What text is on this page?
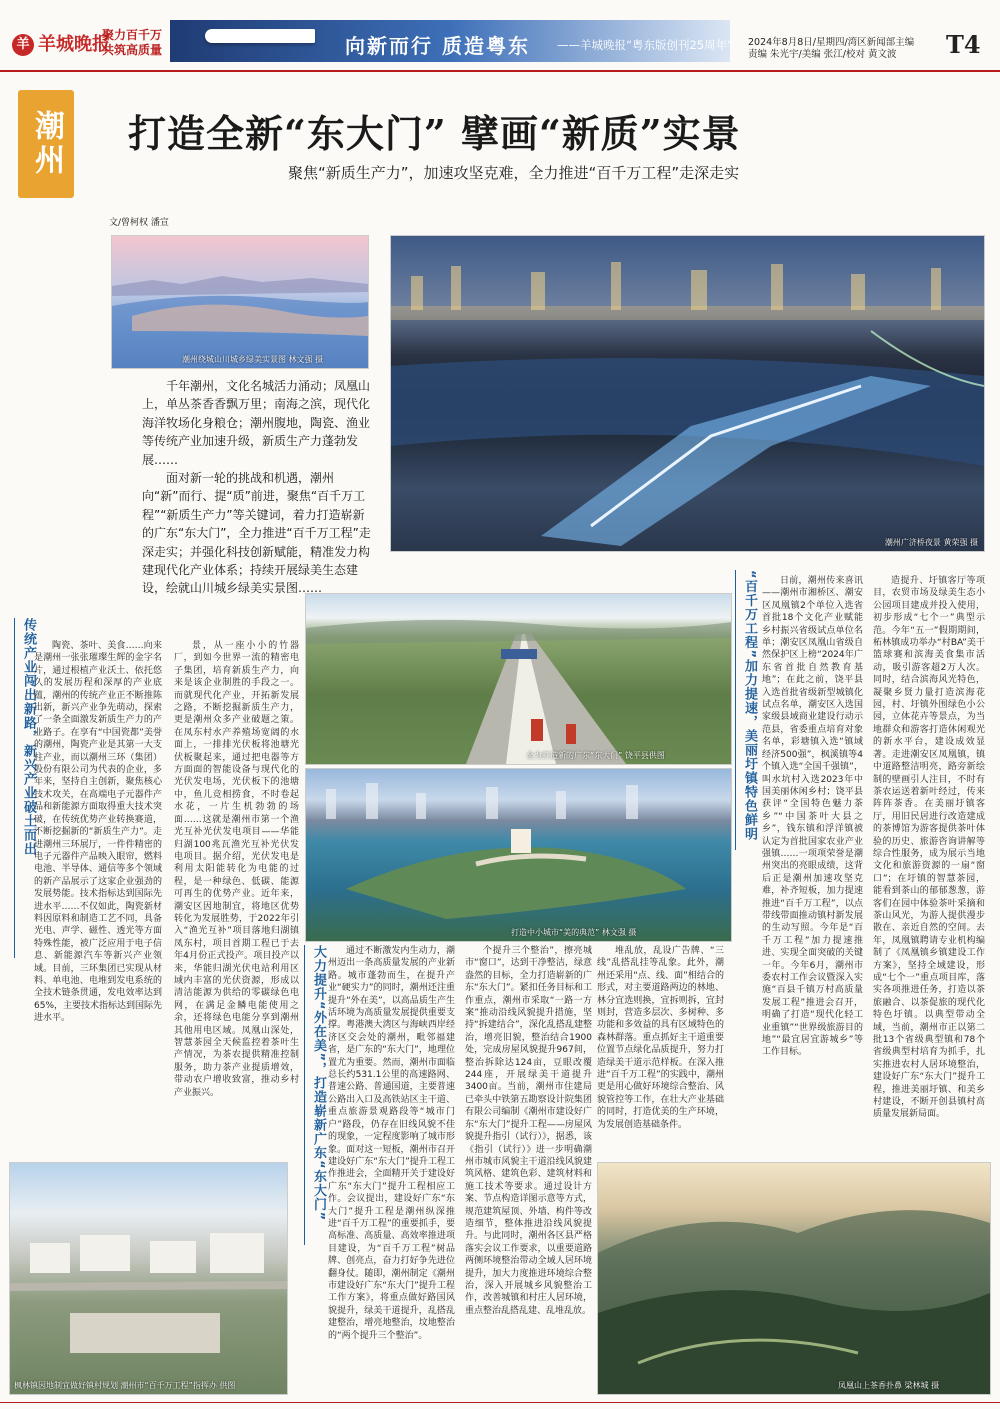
羊 羊城晚报
聚力百千万
共筑高质量	向新而行 质造粤东 ——羊城晚报“粤东版创刊25周年” 2024年8月8日/星期四/湾区新闻部主编
责编 朱光宇/美编 张江/校对 黄文波	T4
潮州 打造全新“东大门” 擘画“新质”实景
聚焦“新质生产力”，加速攻坚克难，全力推进“百千万工程”走深走实
文/曾柯权 潘宣
潮州绕城山川城乡绿美实景图 林文强 摄
潮州广济桥夜景 黄荣强 摄
全力打造新的广东“东大门” 饶平县供图
打造中小城市“美的典范” 林文强 摄
枫林镇因地制宜做好镇村规划 潮州市“百千万工程”指挥办 供图	凤凰山上茶香扑鼻 梁林城 摄

千年潮州，文化名城活力涌动；凤凰山上，单丛茶香香飘万里；南海之滨，现代化海洋牧场化身粮仓；潮州腹地，陶瓷、渔业等传统产业加速升级，新质生产力蓬勃发展……

面对新一轮的挑战和机遇，潮州向“新”而行、提“质”前进，聚焦“百千万工程”“新质生产力”等关键词，着力打造崭新的广东“东大门”，全力推进“百千万工程”走深走实；并强化科技创新赋能，精准发力构建现代化产业体系；持续开展绿美生态建设，绘就山川城乡绿美实景图……

传统产业闯出新路，新兴产业破土而出	“百千万工程”加力提速，美丽圩镇特色鲜明
大力提升“外在美”，打造崭新广东“东大门”

陶瓷、茶叶、美食……向来是潮州一张张璀璨生辉的金字名片，通过根植产业沃土、依托悠久的发展历程和深厚的产业底蕴，潮州的传统产业正不断推陈出新，新兴产业争先萌动，探索了一条全面激发新质生产力的产业路子。在享有“中国瓷都”美誉的潮州，陶瓷产业是其第一大支柱产业，而以潮州三环（集团）股份有限公司为代表的企业，多年来，坚持自主创新，聚焦核心技术攻关，在高端电子元器件产品和新能源方面取得重大技术突破，在传统优势产业转换赛道，不断挖掘新的“新质生产力”。走进潮州三环展厅，一件件精密的电子元器件产品映入眼帘，燃料电池、半导体、通信等多个领域的新产品展示了这家企业强劲的发展势能。技术指标达到国际先进水平……不仅如此，陶瓷新材料因原料和制造工艺不同，具备光电、声学、磁性、透光等方面特殊性能，被广泛应用于电子信息、新能源汽车等新兴产业领域。目前，三环集团已实现从材料、单电池、电堆到发电系统的全技术链条贯通，发电效率达到65%，主要技术指标达到国际先进水平。

景，从一座小小的竹器厂，到如今世界一流的精密电子集团，培育新质生产力，向来是该企业制胜的手段之一。而就现代化产业，开拓新发展之路，不断挖掘新质生产力，更是潮州众多产业破题之策。在凤东村水产养殖场宽阔的水面上，一排排光伏板将池塘光伏板聚起来，通过把电器等方方面面的智能设备与现代化的光伏发电场，光伏板下的池塘中，鱼儿竞相捞食，不时卷起水花，一片生机勃勃的场面……这就是潮州市第一个渔光互补光伏发电项目——华能归湖100兆瓦渔光互补光伏发电项目。据介绍，光伏发电是利用太阳能转化为电能的过程，是一种绿色、低碳、能源可再生的优势产业。近年来，潮安区因地制宜，将地区优势转化为发展胜势，于2022年引入“渔光互补”项目落地归湖镇凤东村，项目首期工程已于去年4月份正式投产。项目投产以来，华能归湖光伏电站利用区域内丰富的光伏资源，形成以清洁能源为供给的零碳绿色电网，在满足金鳞电能使用之余，还将绿色电能分享到潮州其他用电区域。凤凰山深处，智慧茶园全天候监控着茶叶生产情况，为茶农提供精准控制服务，助力茶产业提质增效，带动农户增收致富，推动乡村产业振兴。

通过不断激发内生动力，潮州迈出一条高质量发展的产业新路。城市蓬勃而生，在提升产业“硬实力”的同时，潮州还注重提升“外在美”，以高品质生产生活环境为高质量发展提供重要支撑。粤港澳大湾区与海峡西岸经济区交会处的潮州，毗邻福建省，是广东的“东大门”，地理位置尤为重要。然而，潮州市面临总长约531.1公里的高速路网、普速公路、普通国道，主要普速公路出入口及高铁站区主干道、重点旅游景观路段等“城市门户”路段，仍存在旧线风貌不佳的现象，一定程度影响了城市形象。面对这一短板，潮州市召开建设好广东“东大门”提升工程工作推进会，全面精开关于建设好广东“东大门”提升工程相应工作。会议提出，建设好广东“东大门”提升工程是潮州纵深推进“百千万工程”的重要抓手，要高标准、高质量、高效率推进项目建设，为“百千万工程”树品牌、创亮点，奋力打好争先进位翻身仗。随即，潮州制定《潮州市建设好广东“东大门”提升工程工作方案》，将重点做好路国风貌提升，绿美干道提升，乱搭乱建整治，增亮地整治，坟地整治的“两个提升三个整治”。

个提升三个整治”，擦亮城市“窗口”，达到干净整洁，绿意盎然的目标，全力打造崭新的广东“东大门”。紧扣任务目标和工作重点，潮州市采取“一路一方案”推动沿线风貌提升措施，坚持“拆建结合”，深化乱搭乱建整治，增亮旧貌，整治结合1900处，完成房屋风貌提升967间，整治拆除达124亩，豆眼改覆244座，开展绿美干道提升3400亩。当前，潮州市住建局已牵头中铁第五勘察设计院集团有限公司编制《潮州市建设好广东“东大门”提升工程——房屋风貌提升指引（试行）》，据悉，该《指引（试行）》进一步明确潮州市城市风貌主干道沿线风貌建筑风格、建筑色彩、建筑材料和施工技术等要求。通过设计方案、节点构造详图示意等方式，规范建筑屋顶、外墙、构件等改造细节，整体推进沿线风貌提升。与此同时，潮州各区县严格落实会议工作要求，以重要道路两侧环境整治带动全域人居环境提升，加大力度推进环境综合整治，深入开展城乡风貌整治工作，改善城镇和村庄人居环境，重点整治乱搭乱建、乱堆乱放。

堆乱放，乱设广告牌、“三线”乱搭乱挂等乱象。此外，潮州还采用“点、线、面”相结合的形式，对主要道路两边的林地、林分宜选则换，宜拆则拆，宜封则封，营造多层次、多树种、多功能和多效益的具有区域特色的森林群落。重点抓好主干道重要位置节点绿化品质提升，努力打造绿美干道示范样板。在深入推进“百千万工程”的实践中，潮州更是用心做好环境综合整治、风貌管控等工作，在壮大产业基础的同时，打造优美的生产环境，为发展创造基础条件。

日前，潮州传来喜讯——潮州市湘桥区、潮安区凤凰镇2个单位入选省首批18个文化产业赋能乡村振兴省级试点单位名单；潮安区凤凰山省级自然保护区上榜“2024年广东省首批自然教育基地”；在此之前，饶平县入选首批省级新型城镇化试点名单，潮安区入选国家级县域商业建设行动示范县，省委重点培育对象名单，彩塘镇入选“镇域经济500强”，枫溪镇等4个镇入选“全国千强镇”，叫水坑村入选2023年中国美丽休闲乡村；饶平县获评“全国特色魅力茶乡”“中国茶叶大县之乡”，钱东镇和浮洋镇被认定为首批国家农业产业强镇……一项项荣誉是潮州突出的亮眼成绩，这背后正是潮州加速攻坚克难，补齐短板，加力提速推进“百千万工程”，以点带线带面推动镇村新发展的生动写照。今年是“百千万工程”加力提速推进、实现全面突破的关键一年。今年6月，潮州市委农村工作会议暨深入实施“百县千镇万村高质量发展工程”推进会召开，明确了打造“现代化轻工业重镇”“世界级旅游目的地”“最宜居宜游城乡”等工作目标。

造提升、圩镇客厅等项目，农贸市场及绿美生态小公园项目建成并投入使用，初步形成“七个一”典型示范。今年“五一”假期期间，柘林镇成功举办“村BA”美干篮球赛和滨海美食集市活动，吸引游客超2万人次。同时，结合滨海风光特色，凝聚乡贤力量打造滨海花园，村、圩镇外围绿色小公园，立体花卉等景点，为当地群众和游客打造休闲观光的新水平台，建设成效显著。走进潮安区凤凰镇，镇中道路整洁明亮，路旁新绘制的壁画引人注目，不时有茶农运送着新叶经过，传来阵阵茶香。在美丽圩镇客厅，用旧民居进行改造建成的茶博馆为游客提供茶叶体验的历史、旅游咨询讲解等综合性服务，成为展示当地文化和旅游资源的一扇“窗口”；在圩镇的智慧茶园，能看到茶山的郁郁葱葱，游客们在园中体验茶叶采摘和茶山风光，为游人提供漫步散在、亲近自然的空间。去年，凤凰镇聘请专业机构编制了《凤凰镇乡镇建设工作方案》，坚持全域建设，形成“七个一”重点项目库，落实各项推进任务，打造以茶旅融合、以茶促旅的现代化特色圩镇。以典型带动全域，当前，潮州市正以第二批13个省级典型镇和78个省级典型村培育为抓手，扎实推进农村人居环境整治，建设好广东“东大门”提升工程，推进美丽圩镇、和美乡村建设，不断开创县镇村高质量发展新局面。
